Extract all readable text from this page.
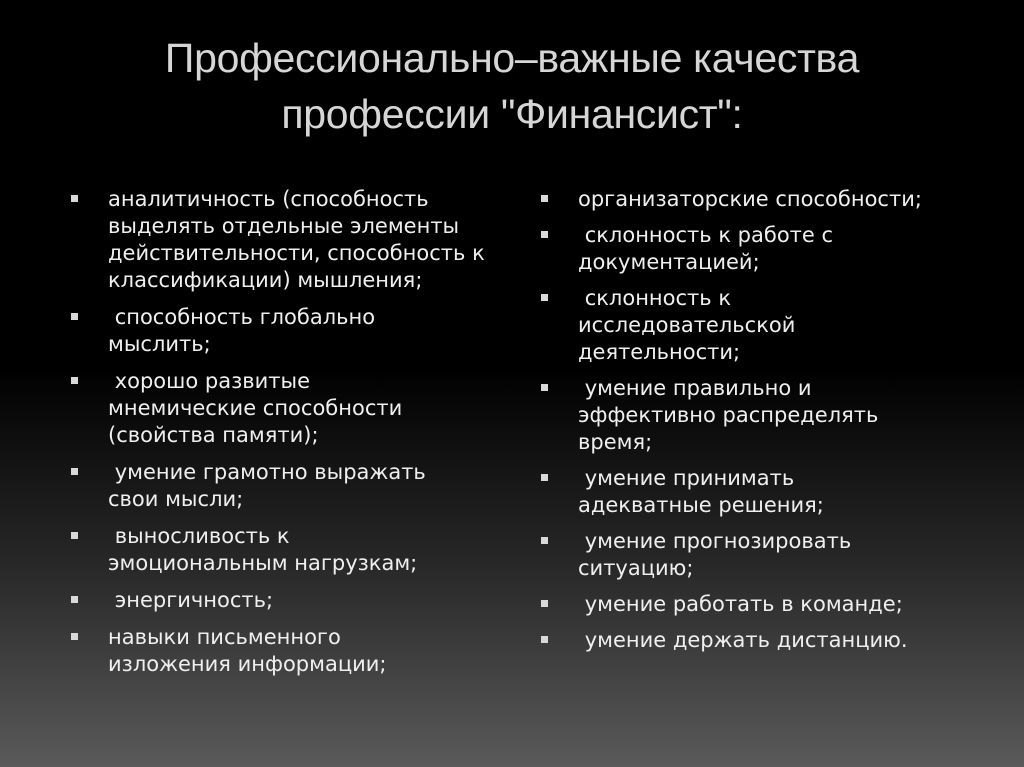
Профессионально–важные качества
профессии "Финансист":
аналитичность (способность выделять отдельные элементы действительности, способность к классификации) мышления;
способность глобально мыслить;
хорошо развитые мнемические способности (свойства памяти);
умение грамотно выражать свои мысли;
выносливость к эмоциональным нагрузкам;
энергичность;
навыки письменного изложения информации;
организаторские способности;
склонность к работе с документацией;
склонность к исследовательской деятельности;
умение правильно и эффективно распределять время;
умение принимать адекватные решения;
умение прогнозировать ситуацию;
умение работать в команде;
умение держать дистанцию.
